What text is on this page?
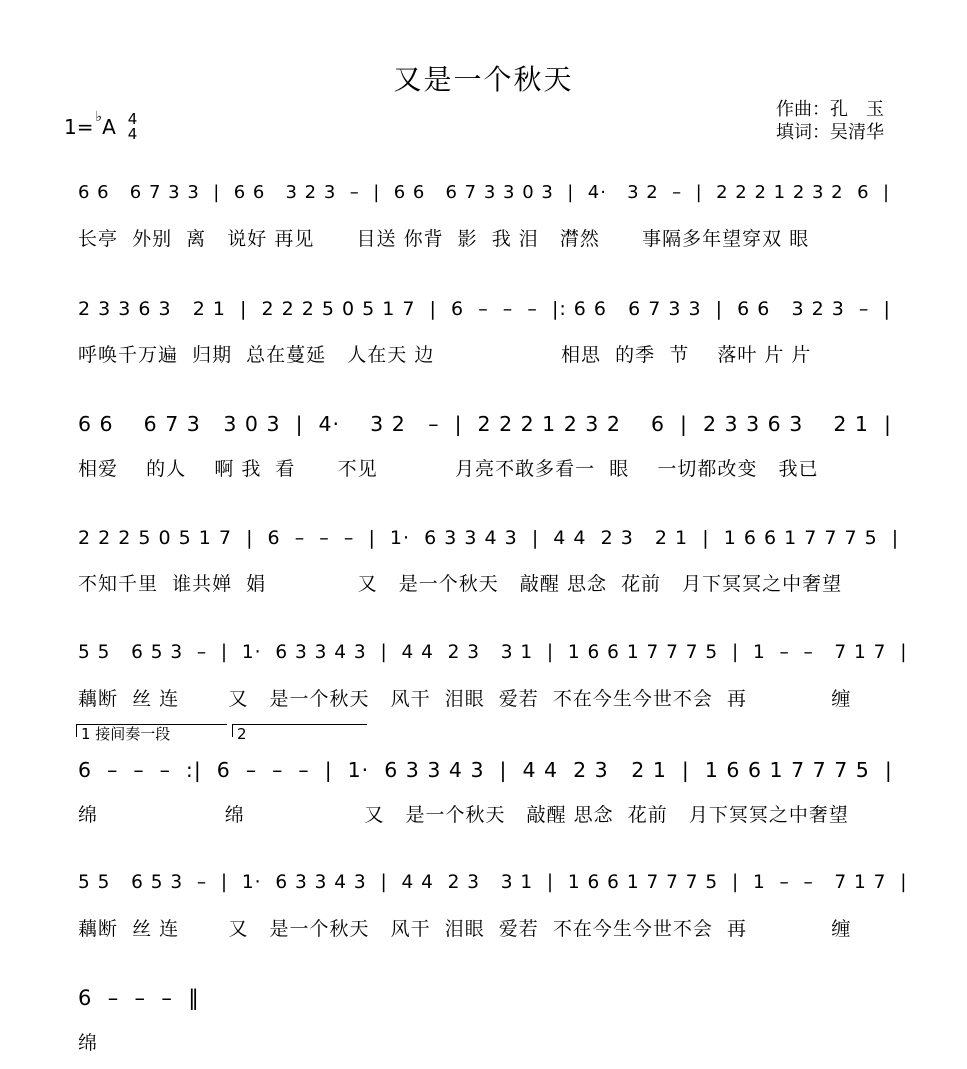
又是一个秋天
1= ♭ A 4
4
作曲：孔　玉
填词：吴清华
6 6   6 7 3 3  |  6 6   3 2 3  –  |  6 6   6 7 3 3 0 3  |  4·   3 2  –  |  2 2 2 1 2 3 2  6  |
长亭  外别  离   说好 再见      目送 你背  影  我 泪   潸然      事隔多年望穿双 眼
2 3 3 6 3   2 1  |  2 2 2 5 0 5 1 7  |  6  –  –  –  |: 6 6   6 7 3 3  |  6 6   3 2 3  –  |
呼唤千万遍  归期  总在蔓延   人在天 边                  相思  的季  节    落叶 片 片
6 6    6 7 3   3 0 3  |  4·    3 2   –  |  2 2 2 1 2 3 2    6  |  2 3 3 6 3    2 1  |
相爱    的人    啊 我  看      不见           月亮不敢多看一  眼    一切都改变   我已
2 2 2 5 0 5 1 7  |  6  –  –  –  |  1·  6 3 3 4 3  |  4 4  2 3   2 1  |  1 6 6 1 7 7 7 5  |
不知千里  谁共婵  娟             又   是一个秋天   敲醒 思念  花前   月下冥冥之中奢望
5 5   6 5 3  –  |  1·  6 3 3 4 3  |  4 4  2 3   3 1  |  1 6 6 1 7 7 7 5  |  1  –  –   7 1 7  |
藕断  丝 连       又   是一个秋天   风干  泪眼  爱若  不在今生今世不会  再            缠
1 接间奏一段	2
6  –  –  –  :|  6  –  –  –  |  1·  6 3 3 4 3  |  4 4  2 3   2 1  |  1 6 6 1 7 7 7 5  |
绵                  绵                 又   是一个秋天   敲醒 思念  花前   月下冥冥之中奢望
5 5   6 5 3  –  |  1·  6 3 3 4 3  |  4 4  2 3   3 1  |  1 6 6 1 7 7 7 5  |  1  –  –   7 1 7  |
藕断  丝 连       又   是一个秋天   风干  泪眼  爱若  不在今生今世不会  再            缠
6  –  –  –  ‖
绵
